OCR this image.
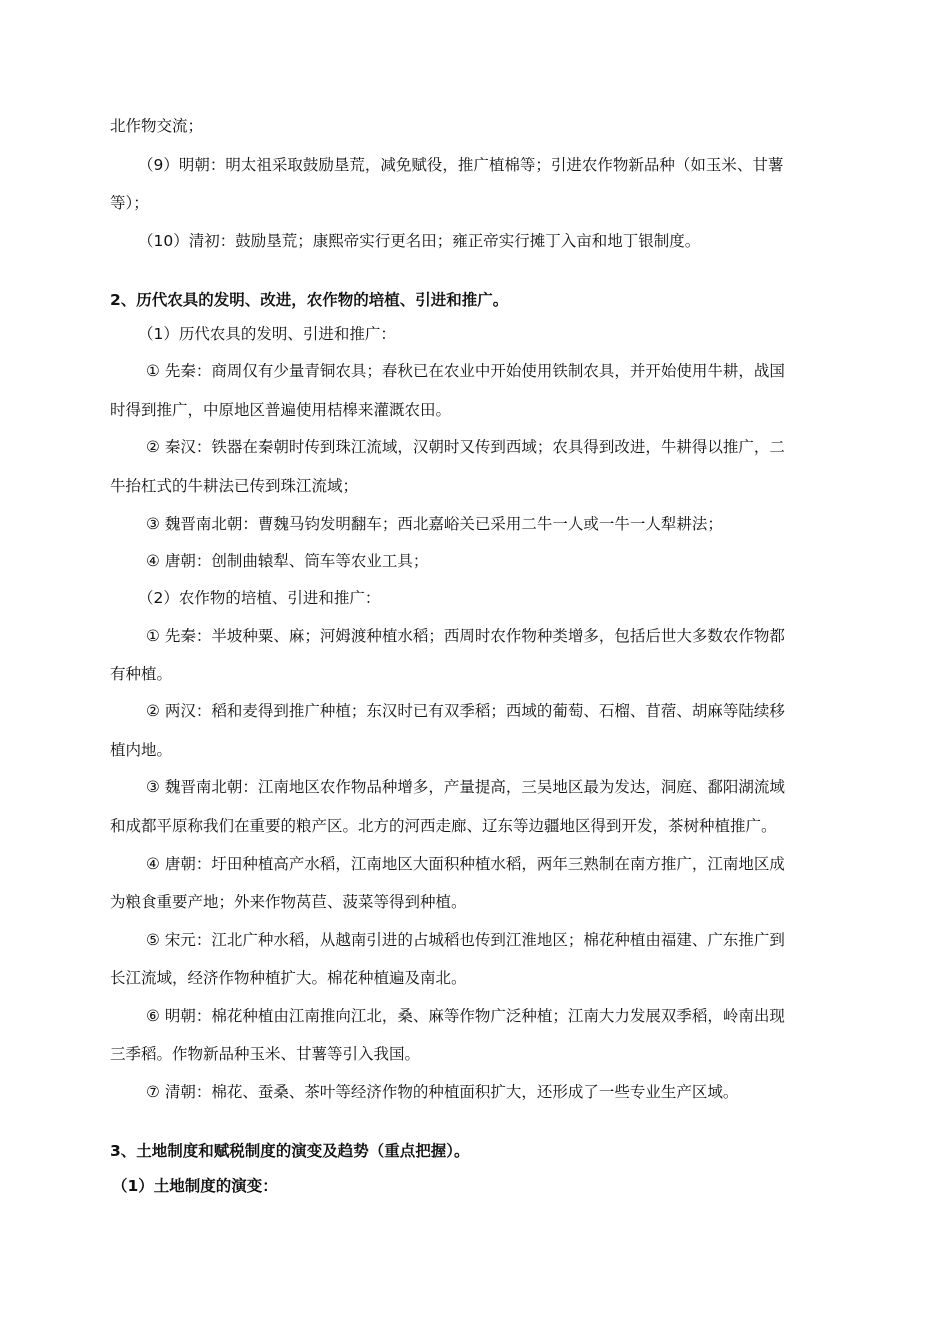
北作物交流；
（9）明朝：明太祖采取鼓励垦荒，减免赋役，推广植棉等；引进农作物新品种（如玉米、甘薯
等）；
（10）清初：鼓励垦荒；康熙帝实行更名田；雍正帝实行摊丁入亩和地丁银制度。
2、历代农具的发明、改进，农作物的培植、引进和推广。
（1）历代农具的发明、引进和推广：
① 先秦：商周仅有少量青铜农具；春秋已在农业中开始使用铁制农具，并开始使用牛耕，战国
时得到推广，中原地区普遍使用桔槔来灌溉农田。
② 秦汉：铁器在秦朝时传到珠江流域，汉朝时又传到西域；农具得到改进，牛耕得以推广，二
牛抬杠式的牛耕法已传到珠江流域；
③ 魏晋南北朝：曹魏马钧发明翻车；西北嘉峪关已采用二牛一人或一牛一人犁耕法；
④ 唐朝：创制曲辕犁、筒车等农业工具；
（2）农作物的培植、引进和推广：
① 先秦：半坡种粟、麻；河姆渡种植水稻；西周时农作物种类增多，包括后世大多数农作物都
有种植。
② 两汉：稻和麦得到推广种植；东汉时已有双季稻；西域的葡萄、石榴、苜蓿、胡麻等陆续移
植内地。
③ 魏晋南北朝：江南地区农作物品种增多，产量提高，三吴地区最为发达，洞庭、鄱阳湖流域
和成都平原称我们在重要的粮产区。北方的河西走廊、辽东等边疆地区得到开发，茶树种植推广。
④ 唐朝：圩田种植高产水稻，江南地区大面积种植水稻，两年三熟制在南方推广，江南地区成
为粮食重要产地；外来作物莴苣、菠菜等得到种植。
⑤ 宋元：江北广种水稻，从越南引进的占城稻也传到江淮地区；棉花种植由福建、广东推广到
长江流域，经济作物种植扩大。棉花种植遍及南北。
⑥ 明朝：棉花种植由江南推向江北，桑、麻等作物广泛种植；江南大力发展双季稻，岭南出现
三季稻。作物新品种玉米、甘薯等引入我国。
⑦ 清朝：棉花、蚕桑、茶叶等经济作物的种植面积扩大，还形成了一些专业生产区域。
3、土地制度和赋税制度的演变及趋势（重点把握）。
（1）土地制度的演变：
